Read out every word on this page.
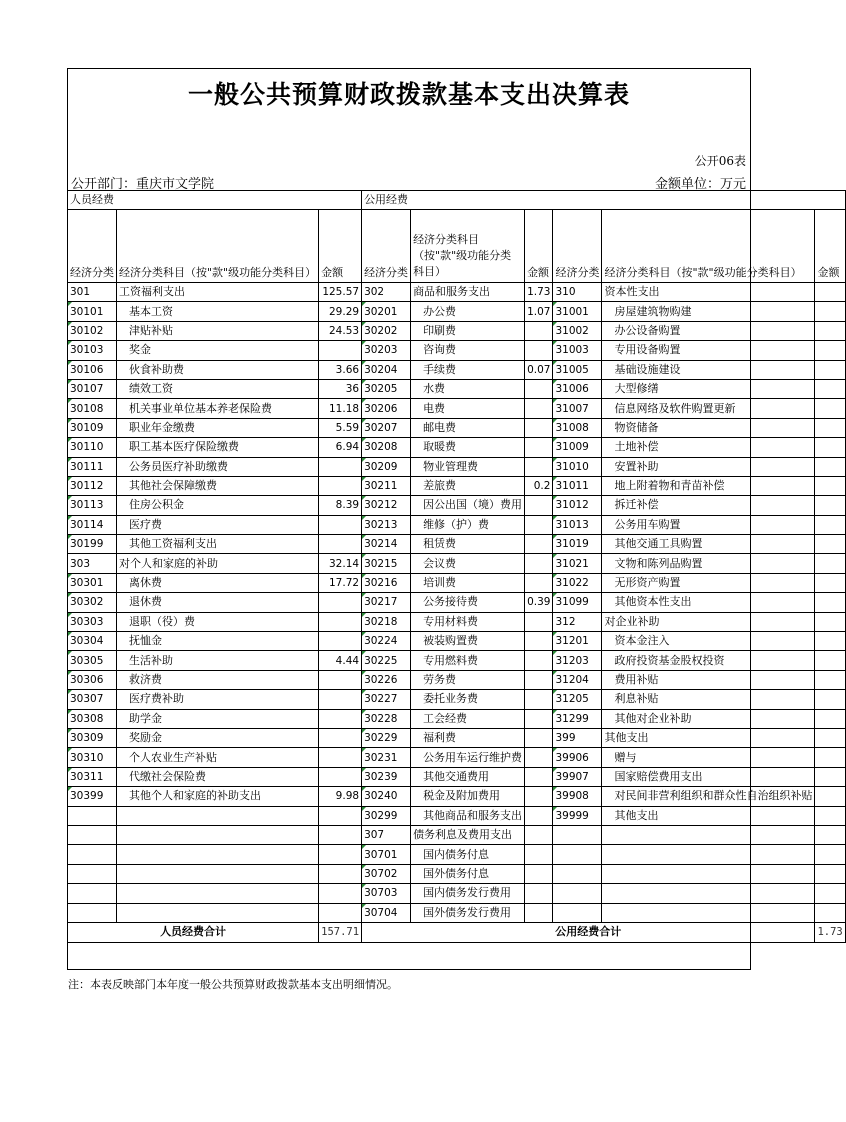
一般公共预算财政拨款基本支出决算表
公开06表
公开部门：重庆市文学院	金额单位：万元
人员经费			公用经费					
经济分类	经济分类科目（按"款"级功能分类科目）	金额	经济分类	经济分类科目（按"款"级功能分类科目）	金额	经济分类	经济分类科目（按"款"级功能分类科目）	金额
301	工资福利支出	125.57	302	商品和服务支出	1.73	310	资本性支出	
30101	基本工资	29.29	30201	办公费	1.07	31001	房屋建筑物购建	
30102	津贴补贴	24.53	30202	印刷费		31002	办公设备购置	
30103	奖金		30203	咨询费		31003	专用设备购置	
30106	伙食补助费	3.66	30204	手续费	0.07	31005	基础设施建设	
30107	绩效工资	36	30205	水费		31006	大型修缮	
30108	机关事业单位基本养老保险费	11.18	30206	电费		31007	信息网络及软件购置更新	
30109	职业年金缴费	5.59	30207	邮电费		31008	物资储备	
30110	职工基本医疗保险缴费	6.94	30208	取暖费		31009	土地补偿	
30111	公务员医疗补助缴费		30209	物业管理费		31010	安置补助	
30112	其他社会保障缴费		30211	差旅费	0.2	31011	地上附着物和青苗补偿	
30113	住房公积金	8.39	30212	因公出国（境）费用		31012	拆迁补偿	
30114	医疗费		30213	维修（护）费		31013	公务用车购置	
30199	其他工资福利支出		30214	租赁费		31019	其他交通工具购置	
303	对个人和家庭的补助	32.14	30215	会议费		31021	文物和陈列品购置	
30301	离休费	17.72	30216	培训费		31022	无形资产购置	
30302	退休费		30217	公务接待费	0.39	31099	其他资本性支出	
30303	退职（役）费		30218	专用材料费		312	对企业补助	
30304	抚恤金		30224	被装购置费		31201	资本金注入	
30305	生活补助	4.44	30225	专用燃料费		31203	政府投资基金股权投资	
30306	救济费		30226	劳务费		31204	费用补贴	
30307	医疗费补助		30227	委托业务费		31205	利息补贴	
30308	助学金		30228	工会经费		31299	其他对企业补助	
30309	奖励金		30229	福利费		399	其他支出	
30310	个人农业生产补贴		30231	公务用车运行维护费		39906	赠与	
30311	代缴社会保险费		30239	其他交通费用		39907	国家赔偿费用支出	
30399	其他个人和家庭的补助支出	9.98	30240	税金及附加费用		39908	对民间非营利组织和群众性自治组织补贴	
			30299	其他商品和服务支出		39999	其他支出	
			307	债务利息及费用支出				
			30701	国内债务付息				
			30702	国外债务付息				
			30703	国内债务发行费用				
			30704	国外债务发行费用				
人员经费合计		157.71	公用经费合计					1.73
注：本表反映部门本年度一般公共预算财政拨款基本支出明细情况。
